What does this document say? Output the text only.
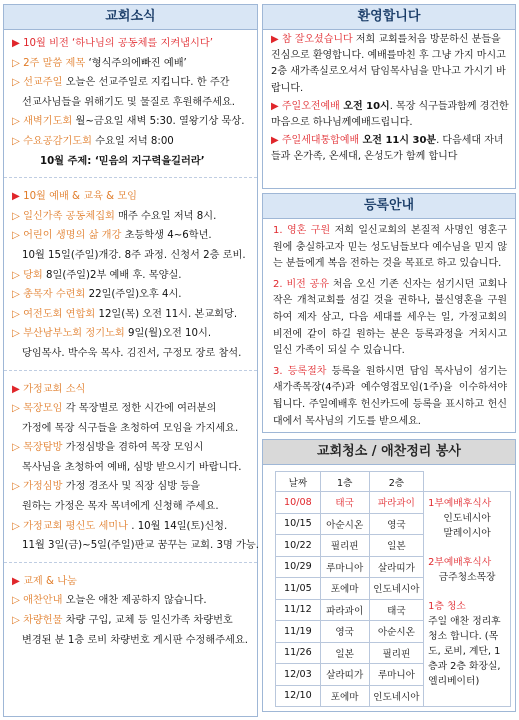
교회소식

▶ 10월 비전 ‘하나님의 공동체를 지켜냅시다’

▷ 2주 말씀 제목 ‘형식주의에빠진 예배’

▷ 선교주일 오늘은 선교주일로 지킵니다. 한 주간

선교사님들을 위해기도 및 물질로 후원해주세요.

▷ 새벽기도회 월~금요일 새벽 5:30. 열왕기상 묵상.

▷ 수요공감기도회 수요일 저녁 8:00

10월 주제: ‘믿음의 지구력을길러라’

▶ 10월 예배 & 교육 & 모임

▷ 일신가족 공동체집회 매주 수요일 저녁 8시.

▷ 어린이 생명의 삶 개강 초등학생 4~6학년.

10월 15일(주일)개강. 8주 과정. 신청서 2층 로비.

▷ 당회 8일(주일)2부 예배 후. 목양실.

▷ 총목자 수련회 22일(주일)오후 4시.

▷ 여전도회 연합회 12일(목) 오전 11시. 본교회당.

▷ 부산남부노회 정기노회 9일(월)오전 10시.

당임목사. 박수욱 목사. 김진서, 구정모 장로 참석.

▶ 가정교회 소식

▷ 목장모임 각 목장별로 정한 시간에 여러분의

가정에 목장 식구들을 초청하여 모임을 가지세요.

▷ 목장탐방 가정심방을 겸하여 목장 모임시

목사님을 초청하여 예배, 심방 받으시기 바랍니다.

▷ 가정심방 가정 경조사 및 직장 심방 등을

원하는 가정은 목자 목녀에게 신청해 주세요.

▷ 가정교회 평신도 세미나 . 10월 14일(토)신청.

11월 3일(금)~5일(주일)판교 꿈꾸는 교회. 3명 가능.

▶ 교제 & 나눔

▷ 애찬안내 오늘은 애찬 제공하지 않습니다.

▷ 차량헌물 차량 구입, 교체 등 일신가족 차량번호

변경된 분 1층 로비 차량번호 게시판 수정해주세요.

환영합니다

▶ 참 잘오셨습니다 저희 교회를처음 방문하신 분들을 진심으로 환영합니다. 예배를마친 후 그냥 가지 마시고 2층 새가족실로오셔서 담임목사님을 만나고 가시기 바랍니다.

▶ 주일오전예배 오전 10시. 목장 식구들과함께 경건한 마음으로 하나님께예배드립니다.

▶ 주일세대통합예배 오전 11시 30분. 다음세대 자녀들과 온가족, 온세대, 온성도가 함께 합니다

등록안내

1. 영혼 구원 저희 일신교회의 본질적 사명인 영혼구원에 충실하고자 믿는 성도님들보다 예수님을 믿지 않는 분들에게 복음 전하는 것을 목표로 하고 있습니다.

2. 비전 공유 처음 오신 기존 신자는 섬기시던 교회나 작은 개척교회를 섬길 것을 권하나, 불신영혼을 구원하여 제자 삼고, 다음 세대를 세우는 일, 가정교회의 비전에 같이 하길 원하는 분은 등록과정을 거치시고 일신 가족이 되실 수 있습니다.

3. 등록절차 등록을 원하시면 담임 목사님이 섬기는 새가족목장(4주)과 예수영접모임(1주)을 이수하셔야 됩니다. 주일예배후 헌신카드에 등록을 표시하고 헌신대에서 목사님의 기도를 받으세요.

교회청소 / 애찬정리 봉사
날짜	1층	2층
10/08	태국	파라과이
10/15	아순시온	영국
10/22	필리핀	일본
10/29	루마니아	살라띠가
11/05	포에마	인도네시아
11/12	파라과이	태국
11/19	영국	아순시온
11/26	일본	필리핀
12/03	살라띠가	루마니아
12/10	포에마	인도네시아

1부예배후식사

인도네시아

말레이시아

2부예배후식사

금주청소목장

1층 청소

주일 애찬 정리후 청소 합니다. (목도, 로비, 계단, 1층과 2층 화장실, 엘리베이터)
